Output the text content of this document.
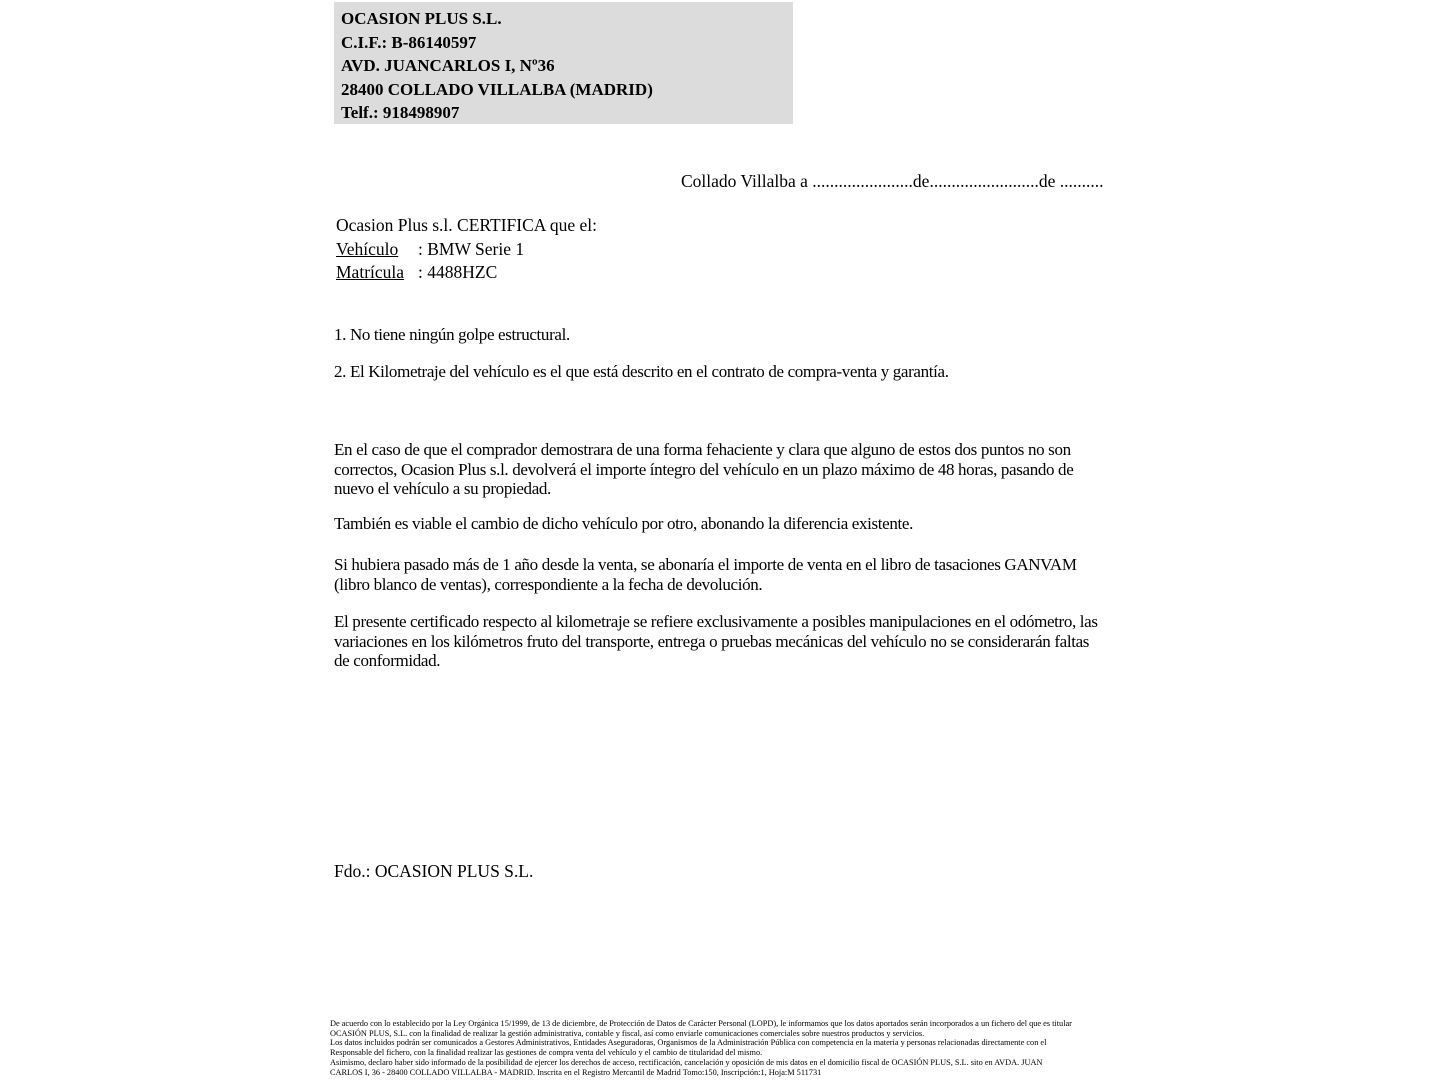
OCASION PLUS S.L.
C.I.F.: B-86140597
AVD. JUANCARLOS I, Nº36
28400 COLLADO VILLALBA (MADRID)
Telf.: 918498907
Collado Villalba a .......................de.........................de ..........
Ocasion Plus s.l. CERTIFICA que el:
Vehículo : BMW Serie 1
Matrícula : 4488HZC
1. No tiene ningún golpe estructural.
2. El Kilometraje del vehículo es el que está descrito en el contrato de compra-venta y garantía.
En el caso de que el comprador demostrara de una forma fehaciente y clara que alguno de estos dos puntos no son correctos, Ocasion Plus s.l. devolverá el importe íntegro del vehículo en un plazo máximo de 48 horas, pasando de nuevo el vehículo a su propiedad.
También es viable el cambio de dicho vehículo por otro, abonando la diferencia existente.
Si hubiera pasado más de 1 año desde la venta, se abonaría el importe de venta en el libro de tasaciones GANVAM (libro blanco de ventas), correspondiente a la fecha de devolución.
El presente certificado respecto al kilometraje se refiere exclusivamente a posibles manipulaciones en el odómetro, las variaciones en los kilómetros fruto del transporte, entrega o pruebas mecánicas del vehículo no se considerarán faltas de conformidad.
Fdo.: OCASION PLUS S.L.
De acuerdo con lo establecido por la Ley Orgánica 15/1999, de 13 de diciembre, de Protección de Datos de Carácter Personal (LOPD), le informamos que los datos aportados serán incorporados a un fichero del que es titular
OCASIÓN PLUS, S.L. con la finalidad de realizar la gestión administrativa, contable y fiscal, así como enviarle comunicaciones comerciales sobre nuestros productos y servicios.
Los datos incluidos podrán ser comunicados a Gestores Administrativos, Entidades Aseguradoras, Organismos de la Administración Pública con competencia en la materia y personas relacionadas directamente con el
Responsable del fichero, con la finalidad realizar las gestiones de compra venta del vehículo y el cambio de titularidad del mismo.
Asimismo, declaro haber sido informado de la posibilidad de ejercer los derechos de acceso, rectificación, cancelación y oposición de mis datos en el domicilio fiscal de OCASIÓN PLUS, S.L. sito en AVDA. JUAN
CARLOS I, 36 - 28400 COLLADO VILLALBA - MADRID. Inscrita en el Registro Mercantil de Madrid Tomo:150, Inscripción:1, Hoja:M 511731
